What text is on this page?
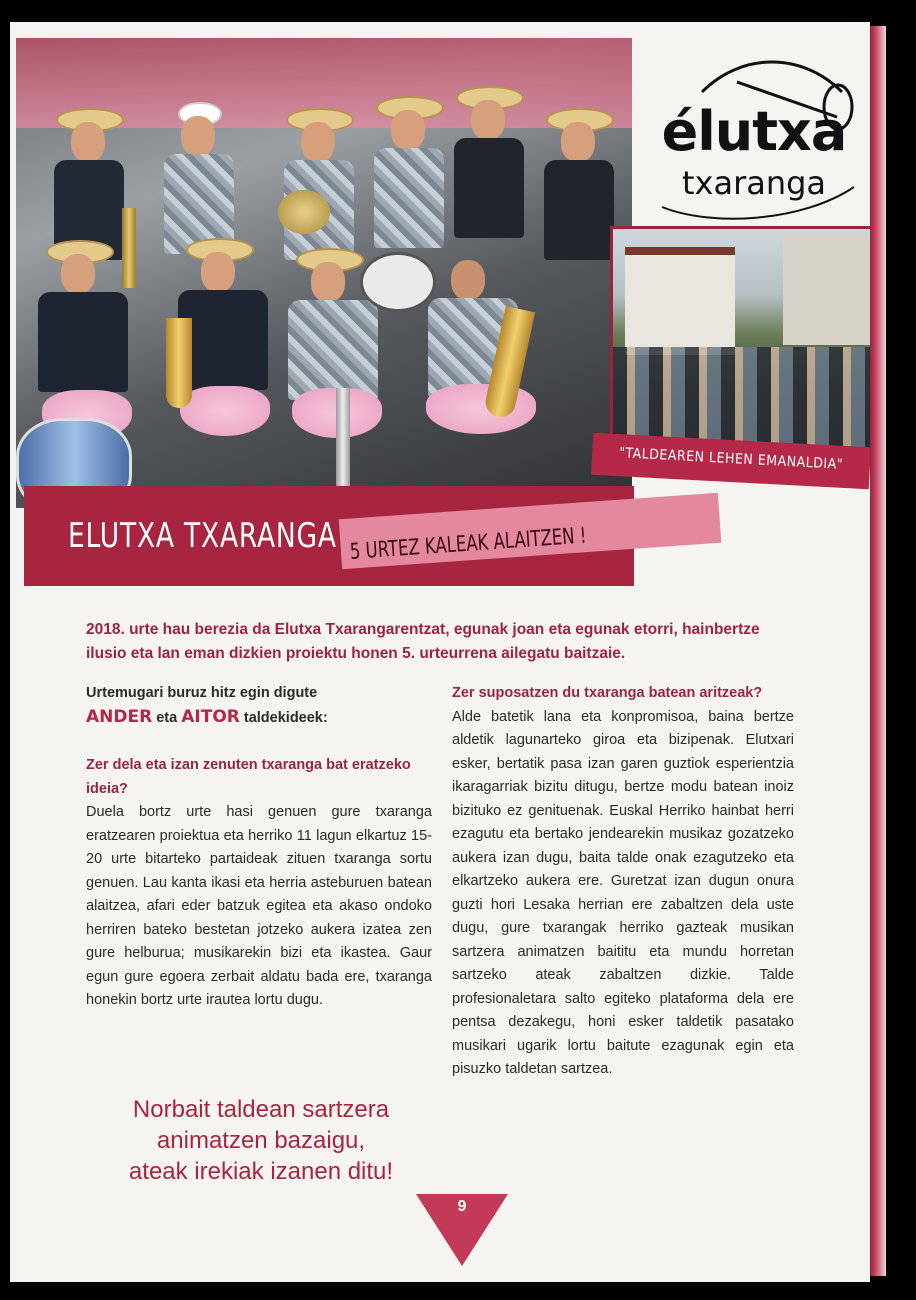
élutxa
txaranga
"TALDEAREN LEHEN EMANALDIA"
ELUTXA TXARANGA 5 URTEZ KALEAK ALAITZEN !

2018. urte hau berezia da Elutxa Txarangarentzat, egunak joan eta egunak etorri, hainbertze ilusio eta lan eman dizkien proiektu honen 5. urteurrena ailegatu baitzaie.

Urtemugari buruz hitz egin digute
ANDER eta AITOR taldekideek:

Zer dela eta izan zenuten txaranga bat eratzeko ideia?

Duela bortz urte hasi genuen gure txaranga eratzearen proiektua eta herriko 11 lagun elkartuz 15-20 urte bitarteko partaideak zituen txaranga sortu genuen. Lau kanta ikasi eta herria asteburuen batean alaitzea, afari eder batzuk egitea eta akaso ondoko herriren bateko bestetan jotzeko aukera izatea zen gure helburua; musikarekin bizi eta ikastea. Gaur egun gure egoera zerbait aldatu bada ere, txaranga honekin bortz urte irautea lortu dugu.

Zer suposatzen du txaranga batean aritzeak?

Alde batetik lana eta konpromisoa, baina bertze aldetik lagunarteko giroa eta bizipenak. Elutxari esker, bertatik pasa izan garen guztiok esperientzia ikaragarriak bizitu ditugu, bertze modu batean inoiz bizituko ez genituenak. Euskal Herriko hainbat herri ezagutu eta bertako jendearekin musikaz gozatzeko aukera izan dugu, baita talde onak ezagutzeko eta elkartzeko aukera ere. Guretzat izan dugun onura guzti hori Lesaka herrian ere zabaltzen dela uste dugu, gure txarangak herriko gazteak musikan sartzera animatzen baititu eta mundu horretan sartzeko ateak zabaltzen dizkie. Talde profesionaletara salto egiteko plataforma dela ere pentsa dezakegu, honi esker taldetik pasatako musikari ugarik lortu baitute ezagunak egin eta pisuzko taldetan sartzea.

Norbait taldean sartzera
animatzen bazaigu,
ateak irekiak izanen ditu!
9
